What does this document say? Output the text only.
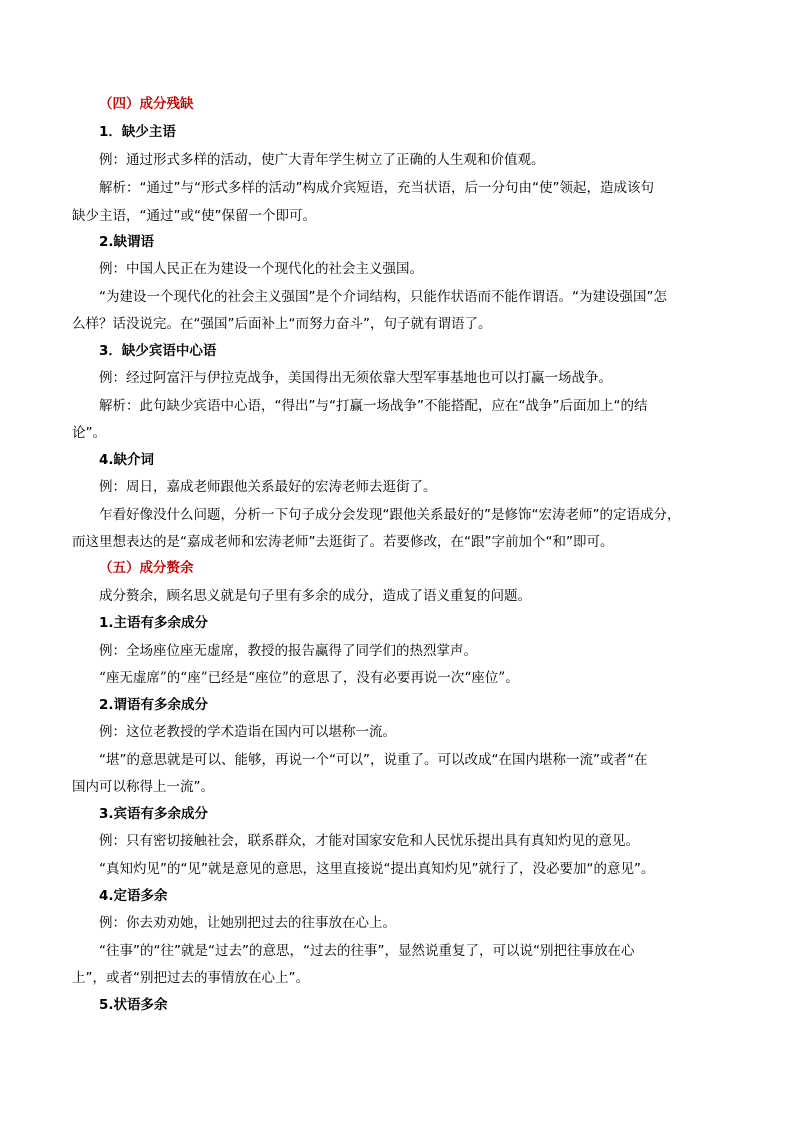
（四）成分残缺
1．缺少主语
例：通过形式多样的活动，使广大青年学生树立了正确的人生观和价值观。
解析：“通过”与“形式多样的活动”构成介宾短语，充当状语，后一分句由“使”领起，造成该句
缺少主语，“通过”或“使”保留一个即可。
2.缺谓语
例：中国人民正在为建设一个现代化的社会主义强国。
“为建设一个现代化的社会主义强国”是个介词结构，只能作状语而不能作谓语。“为建设强国”怎
么样？话没说完。在“强国”后面补上“而努力奋斗”，句子就有谓语了。
3．缺少宾语中心语
例：经过阿富汗与伊拉克战争，美国得出无须依靠大型军事基地也可以打赢一场战争。
解析：此句缺少宾语中心语，“得出”与“打赢一场战争”不能搭配，应在“战争”后面加上“的结
论”。
4.缺介词
例：周日，嘉成老师跟他关系最好的宏涛老师去逛街了。
乍看好像没什么问题，分析一下句子成分会发现“跟他关系最好的”是修饰“宏涛老师”的定语成分，
而这里想表达的是“嘉成老师和宏涛老师”去逛街了。若要修改，在“跟”字前加个“和”即可。
（五）成分赘余
成分赘余，顾名思义就是句子里有多余的成分，造成了语义重复的问题。
1.主语有多余成分
例：全场座位座无虚席，教授的报告赢得了同学们的热烈掌声。
“座无虚席”的“座”已经是“座位”的意思了，没有必要再说一次“座位”。
2.谓语有多余成分
例：这位老教授的学术造诣在国内可以堪称一流。
“堪”的意思就是可以、能够，再说一个“可以”，说重了。可以改成“在国内堪称一流”或者“在
国内可以称得上一流”。
3.宾语有多余成分
例：只有密切接触社会，联系群众，才能对国家安危和人民忧乐提出具有真知灼见的意见。
“真知灼见”的“见”就是意见的意思，这里直接说“提出真知灼见”就行了，没必要加“的意见”。
4.定语多余
例：你去劝劝她，让她别把过去的往事放在心上。
“往事”的“往”就是“过去”的意思，“过去的往事”，显然说重复了，可以说“别把往事放在心
上”，或者“别把过去的事情放在心上”。
5.状语多余
